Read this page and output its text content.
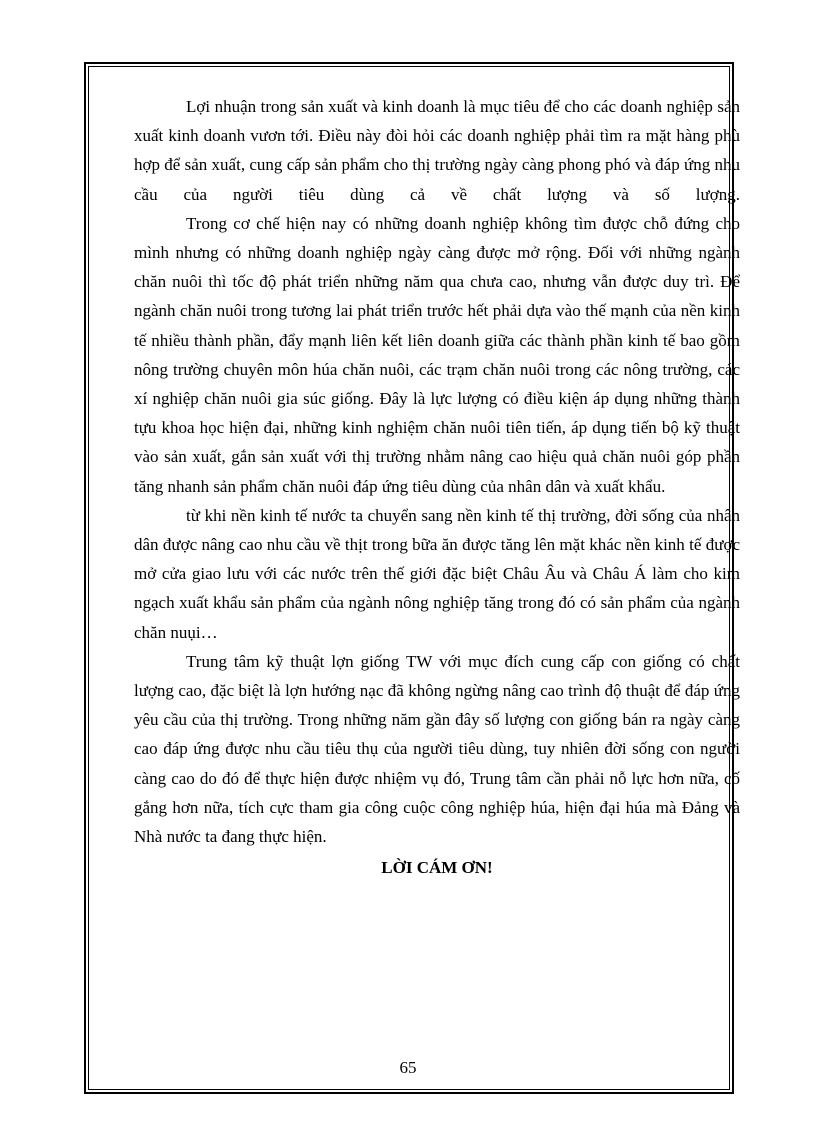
Lợi nhuận trong sản xuất và kinh doanh là mục tiêu để cho các doanh nghiệp sản xuất kinh doanh vươn tới. Điều này đòi hỏi các doanh nghiệp phải tìm ra mặt hàng phù hợp để sản xuất, cung cấp sản phẩm cho thị trường ngày càng phong phó và đáp ứng nhu cầu của người tiêu dùng cả về chất lượng và số lượng.

Trong cơ chế hiện nay có những doanh nghiệp không tìm được chỗ đứng cho mình nhưng có những doanh nghiệp ngày càng được mở rộng. Đối với những ngành chăn nuôi thì tốc độ phát triển những năm qua chưa cao, nhưng vẫn được duy trì. Để ngành chăn nuôi trong tương lai phát triển trước hết phải dựa vào thế mạnh của nền kinh tế nhiều thành phần, đẩy mạnh liên kết liên doanh giữa các thành phần kinh tế bao gồm nông trường chuyên môn húa chăn nuôi, các trạm chăn nuôi trong các nông trường, các xí nghiệp chăn nuôi gia súc giống. Đây là lực lượng có điều kiện áp dụng những thành tựu khoa học hiện đại, những kinh nghiệm chăn nuôi tiên tiến, áp dụng tiến bộ kỹ thuật vào sản xuất, gắn sản xuất với thị trường nhằm nâng cao hiệu quả chăn nuôi góp phần tăng nhanh sản phẩm chăn nuôi đáp ứng tiêu dùng của nhân dân và xuất khẩu.

từ khi nền kinh tế nước ta chuyển sang nền kinh tế thị trường, đời sống của nhân dân được nâng cao nhu cầu về thịt trong bữa ăn được tăng lên mặt khác nền kinh tế được mở cửa giao lưu với các nước trên thế giới đặc biệt Châu Âu và Châu Á làm cho kim ngạch xuất khẩu sản phẩm của ngành nông nghiệp tăng trong đó có sản phẩm của ngành chăn nuụi…

Trung tâm kỹ thuật lợn giống TW với mục đích cung cấp con giống có chất lượng cao, đặc biệt là lợn hướng nạc đã không ngừng nâng cao trình độ thuật để đáp ứng yêu cầu của thị trường. Trong những năm gần đây số lượng con giống bán ra ngày càng cao đáp ứng được nhu cầu tiêu thụ của người tiêu dùng, tuy nhiên đời sống con người càng cao do đó để thực hiện được nhiệm vụ đó, Trung tâm cần phải nỗ lực hơn nữa, cố gắng hơn nữa, tích cực tham gia công cuộc công nghiệp húa, hiện đại húa mà Đảng và Nhà nước ta đang thực hiện.

LỜI CÁM ƠN!

65
